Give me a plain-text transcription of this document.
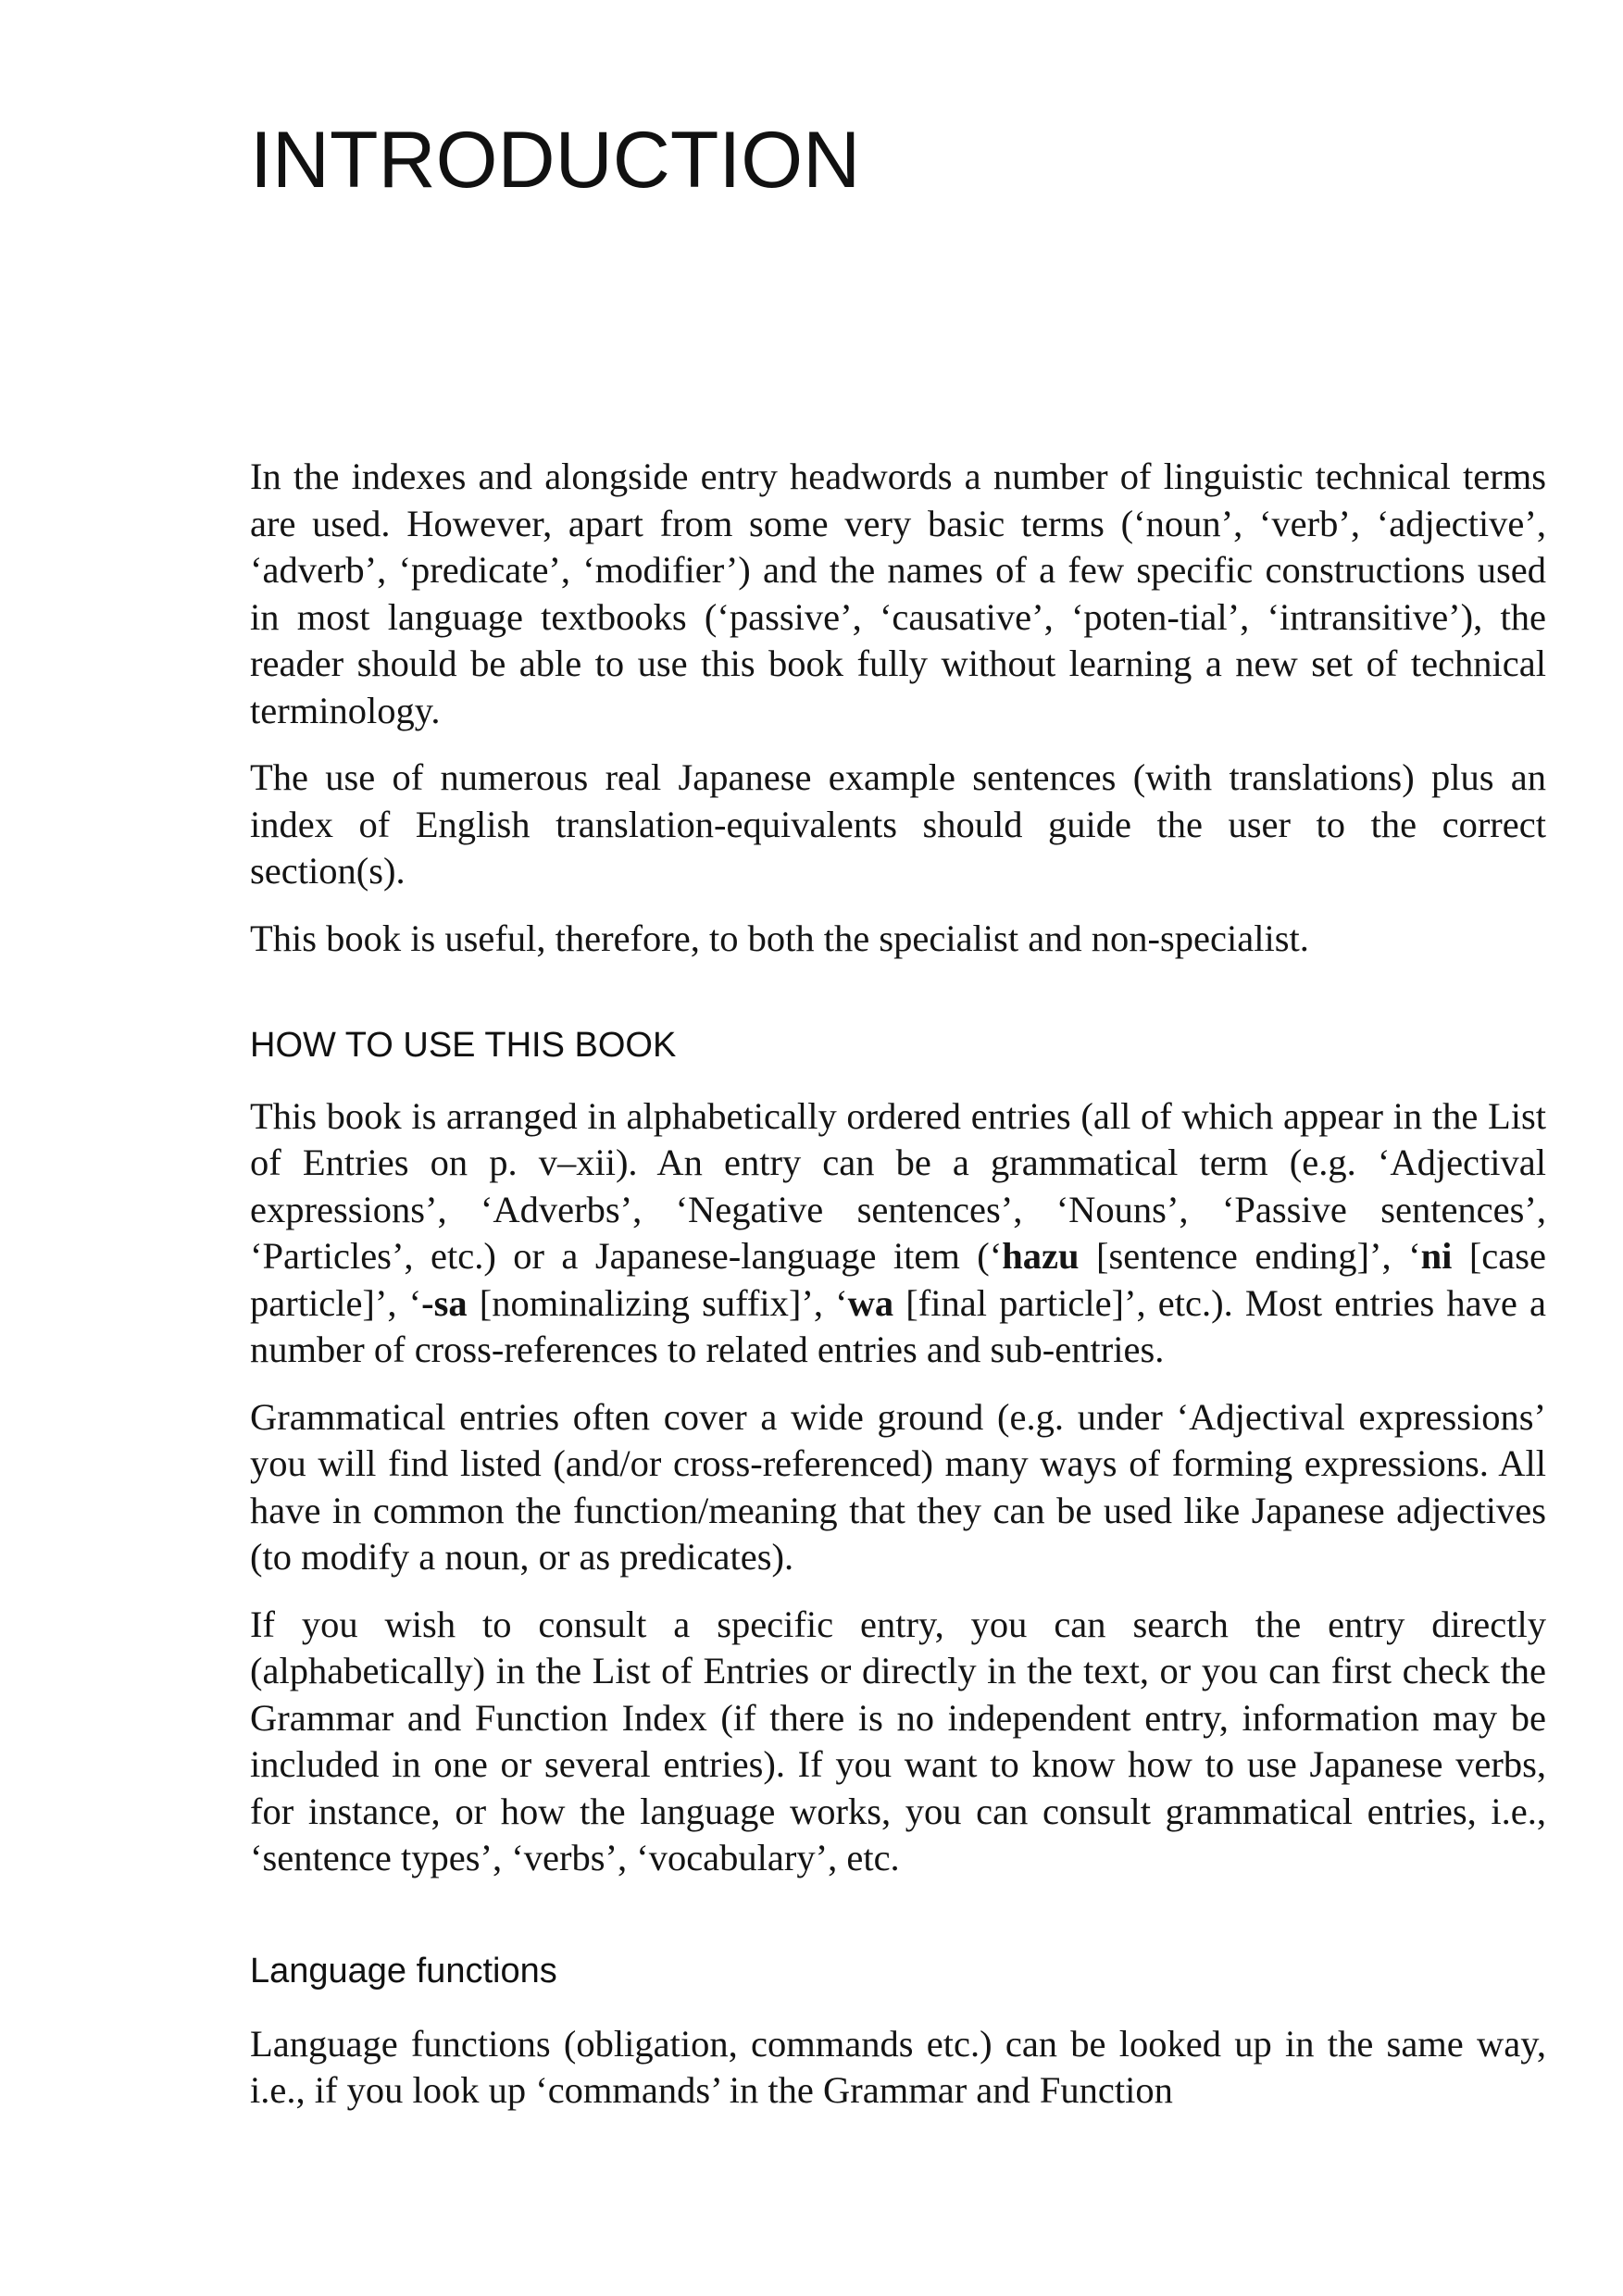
INTRODUCTION

In the indexes and alongside entry headwords a number of linguistic technical terms are used. However, apart from some very basic terms (‘noun’, ‘verb’, ‘adjective’, ‘adverb’, ‘predicate’, ‘modifier’) and the names of a few specific constructions used in most language textbooks (‘passive’, ‘causative’, ‘poten-tial’, ‘intransitive’), the reader should be able to use this book fully without learning a new set of technical terminology.

The use of numerous real Japanese example sentences (with translations) plus an index of English translation-equivalents should guide the user to the correct section(s).

This book is useful, therefore, to both the specialist and non-specialist.

HOW TO USE THIS BOOK

This book is arranged in alphabetically ordered entries (all of which appear in the List of Entries on p. v–xii). An entry can be a grammatical term (e.g. ‘Adjectival expressions’, ‘Adverbs’, ‘Negative sentences’, ‘Nouns’, ‘Passive sentences’, ‘Particles’, etc.) or a Japanese-language item (‘hazu [sentence ending]’, ‘ni [case particle]’, ‘-sa [nominalizing suffix]’, ‘wa [final particle]’, etc.). Most entries have a number of cross-references to related entries and sub-entries.

Grammatical entries often cover a wide ground (e.g. under ‘Adjectival expressions’ you will find listed (and/or cross-referenced) many ways of forming expressions. All have in common the function/meaning that they can be used like Japanese adjectives (to modify a noun, or as predicates).

If you wish to consult a specific entry, you can search the entry directly (alphabetically) in the List of Entries or directly in the text, or you can first check the Grammar and Function Index (if there is no independent entry, information may be included in one or several entries). If you want to know how to use Japanese verbs, for instance, or how the language works, you can consult grammatical entries, i.e., ‘sentence types’, ‘verbs’, ‘vocabulary’, etc.

Language functions

Language functions (obligation, commands etc.) can be looked up in the same way, i.e., if you look up ‘commands’ in the Grammar and Function
